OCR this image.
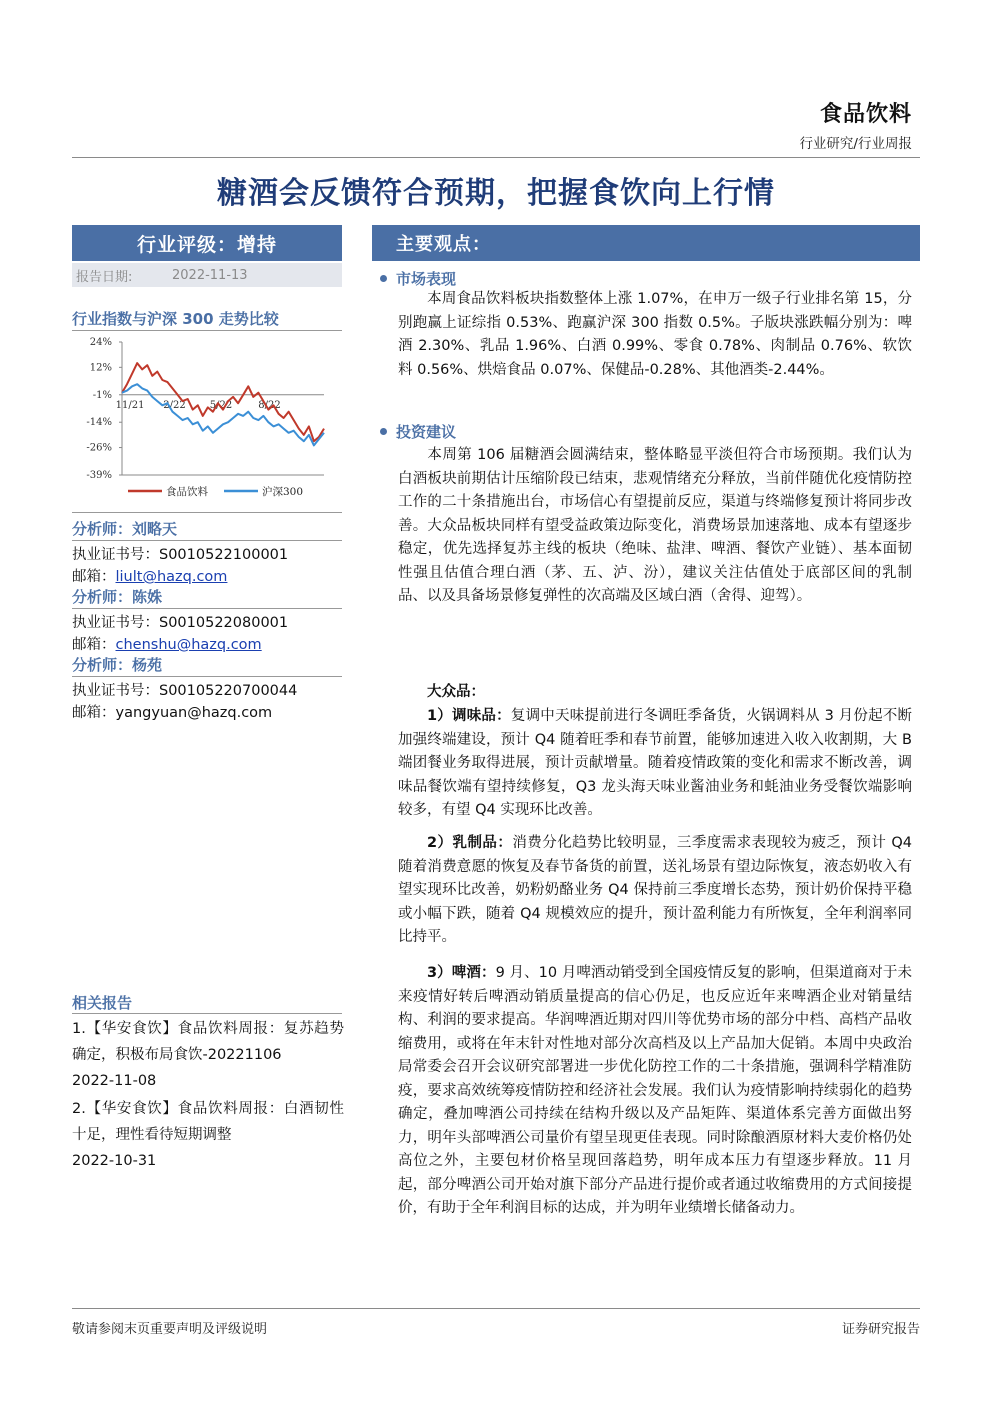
食品饮料
行业研究/行业周报
糖酒会反馈符合预期，把握食饮向上行情
行业评级：增持
报告日期:	2022-11-13
行业指数与沪深 300 走势比较
24%
12%
-1%
-14%
-26%
-39%
11/21 2/22 5/22	8/22
食品饮料	沪深300
分析师：刘略天
执业证书号：S0010522100001
邮箱：liult@hazq.com
分析师：陈姝
执业证书号：S0010522080001
邮箱：chenshu@hazq.com
分析师：杨苑
执业证书号：S00105220700044
邮箱：yangyuan@hazq.com
相关报告
1.【华安食饮】食品饮料周报：复苏趋势确定，积极布局食饮-20221106
2022-11-08
2.【华安食饮】食品饮料周报：白酒韧性十足，理性看待短期调整
2022-10-31
主要观点：
市场表现
本周食品饮料板块指数整体上涨 1.07%，在申万一级子行业排名第 15，分别跑赢上证综指 0.53%、跑赢沪深 300 指数 0.5%。子版块涨跌幅分别为：啤酒 2.30%、乳品 1.96%、白酒 0.99%、零食 0.78%、肉制品 0.76%、软饮料 0.56%、烘焙食品 0.07%、保健品-0.28%、其他酒类-2.44%。
投资建议
本周第 106 届糖酒会圆满结束，整体略显平淡但符合市场预期。我们认为白酒板块前期估计压缩阶段已结束，悲观情绪充分释放，当前伴随优化疫情防控工作的二十条措施出台，市场信心有望提前反应，渠道与终端修复预计将同步改善。大众品板块同样有望受益政策边际变化，消费场景加速落地、成本有望逐步稳定，优先选择复苏主线的板块（绝味、盐津、啤酒、餐饮产业链）、基本面韧性强且估值合理白酒（茅、五、泸、汾），建议关注估值处于底部区间的乳制品、以及具备场景修复弹性的次高端及区域白酒（舍得、迎驾）。
大众品：
1）调味品：复调中天味提前进行冬调旺季备货，火锅调料从 3 月份起不断加强终端建设，预计 Q4 随着旺季和春节前置，能够加速进入收入收割期，大 B 端团餐业务取得进展，预计贡献增量。随着疫情政策的变化和需求不断改善，调味品餐饮端有望持续修复，Q3 龙头海天味业酱油业务和蚝油业务受餐饮端影响较多，有望 Q4 实现环比改善。
2）乳制品：消费分化趋势比较明显，三季度需求表现较为疲乏，预计 Q4 随着消费意愿的恢复及春节备货的前置，送礼场景有望边际恢复，液态奶收入有望实现环比改善，奶粉奶酪业务 Q4 保持前三季度增长态势，预计奶价保持平稳或小幅下跌，随着 Q4 规模效应的提升，预计盈利能力有所恢复，全年利润率同比持平。
3）啤酒：9 月、10 月啤酒动销受到全国疫情反复的影响，但渠道商对于未来疫情好转后啤酒动销质量提高的信心仍足，也反应近年来啤酒企业对销量结构、利润的要求提高。华润啤酒近期对四川等优势市场的部分中档、高档产品收缩费用，或将在年末针对性地对部分次高档及以上产品加大促销。本周中央政治局常委会召开会议研究部署进一步优化防控工作的二十条措施，强调科学精准防疫，要求高效统筹疫情防控和经济社会发展。我们认为疫情影响持续弱化的趋势确定，叠加啤酒公司持续在结构升级以及产品矩阵、渠道体系完善方面做出努力，明年头部啤酒公司量价有望呈现更佳表现。同时除酿酒原材料大麦价格仍处高位之外，主要包材价格呈现回落趋势，明年成本压力有望逐步释放。11 月起，部分啤酒公司开始对旗下部分产品进行提价或者通过收缩费用的方式间接提价，有助于全年利润目标的达成，并为明年业绩增长储备动力。
敬请参阅末页重要声明及评级说明	证券研究报告
